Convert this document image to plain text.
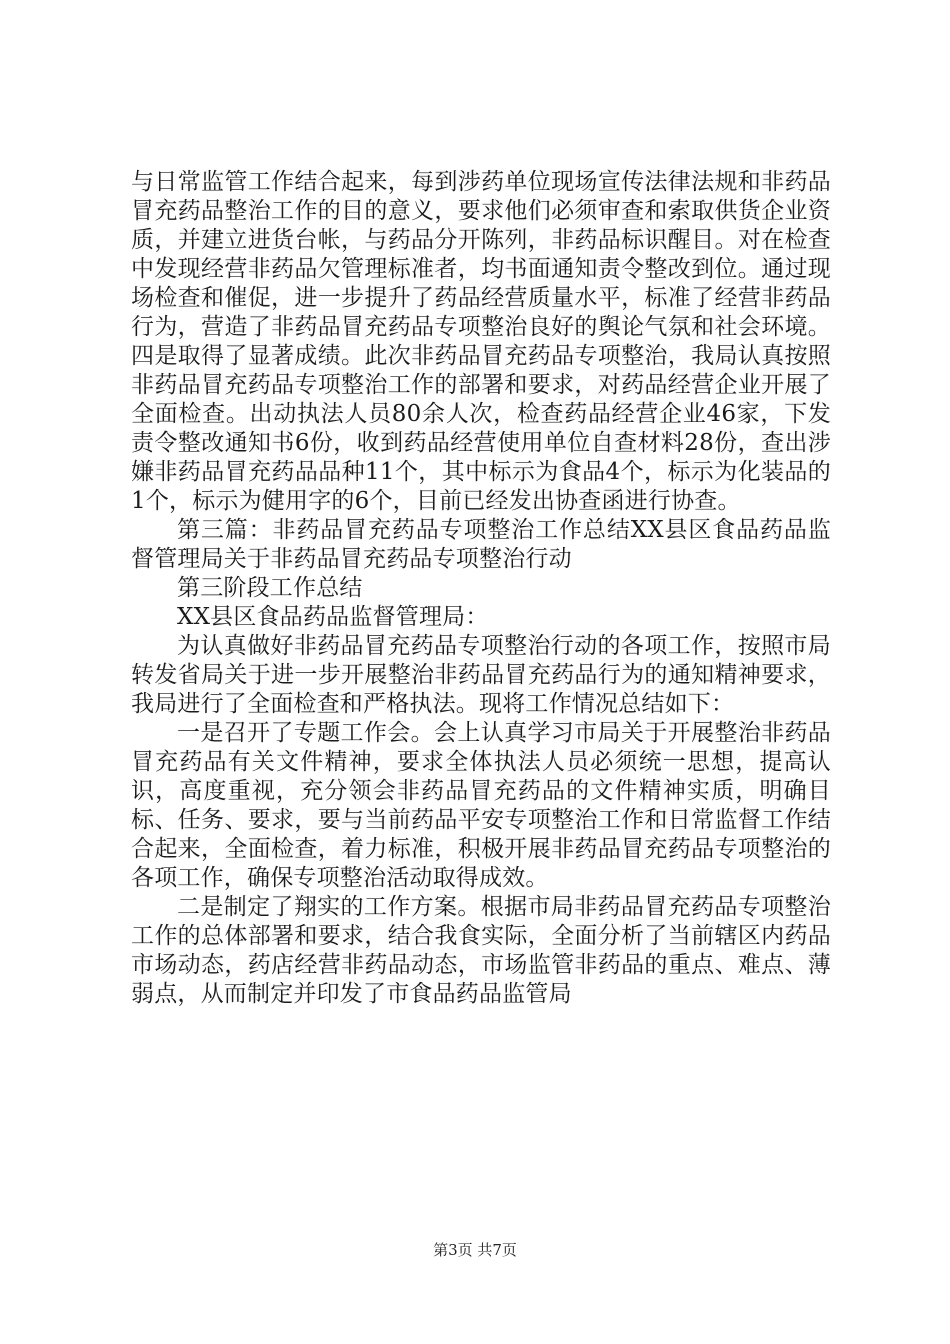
与日常监管工作结合起来，每到涉药单位现场宣传法律法规和非药品冒充药品整治工作的目的意义，要求他们必须审查和索取供货企业资质，并建立进货台帐，与药品分开陈列，非药品标识醒目。对在检查中发现经营非药品欠管理标准者，均书面通知责令整改到位。通过现场检查和催促，进一步提升了药品经营质量水平，标准了经营非药品行为，营造了非药品冒充药品专项整治良好的舆论气氛和社会环境。四是取得了显著成绩。此次非药品冒充药品专项整治，我局认真按照非药品冒充药品专项整治工作的部署和要求，对药品经营企业开展了全面检查。出动执法人员80余人次，检查药品经营企业46家，下发责令整改通知书6份，收到药品经营使用单位自查材料28份，查出涉嫌非药品冒充药品品种11个，其中标示为食品4个，标示为化装品的1个，标示为健用字的6个，目前已经发出协查函进行协查。

第三篇：非药品冒充药品专项整治工作总结XX县区食品药品监督管理局关于非药品冒充药品专项整治行动

第三阶段工作总结

XX县区食品药品监督管理局：

为认真做好非药品冒充药品专项整治行动的各项工作，按照市局转发省局关于进一步开展整治非药品冒充药品行为的通知精神要求，我局进行了全面检查和严格执法。现将工作情况总结如下：

一是召开了专题工作会。会上认真学习市局关于开展整治非药品冒充药品有关文件精神，要求全体执法人员必须统一思想，提高认识，高度重视，充分领会非药品冒充药品的文件精神实质，明确目标、任务、要求，要与当前药品平安专项整治工作和日常监督工作结合起来，全面检查，着力标准，积极开展非药品冒充药品专项整治的各项工作，确保专项整治活动取得成效。

二是制定了翔实的工作方案。根据市局非药品冒充药品专项整治工作的总体部署和要求，结合我食实际，全面分析了当前辖区内药品市场动态，药店经营非药品动态，市场监管非药品的重点、难点、薄弱点，从而制定并印发了市食品药品监管局

第3页 共7页
